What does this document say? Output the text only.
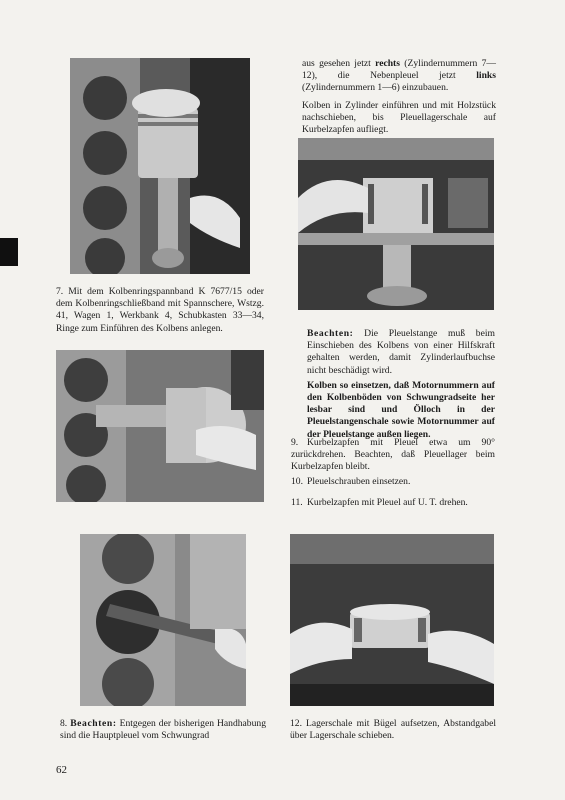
aus gesehen jetzt rechts (Zylindernummern 7—12), die Nebenpleuel jetzt links (Zylindernummern 1—6) einzubauen.

Kolben in Zylinder einführen und mit Holzstück nachschieben, bis Pleuellagerschale auf Kurbelzapfen aufliegt.

7. Mit dem Kolbenringspannband K 7677/15 oder dem Kolbenringschließband mit Spannschere, Wstzg. 41, Wagen 1, Werkbank 4, Schubkasten 33—34, Ringe zum Einführen des Kolbens anlegen.	Beachten: Die Pleuelstange muß beim Einschieben des Kolbens von einer Hilfskraft gehalten werden, damit Zylinderlaufbuchse nicht beschädigt wird.

Kolben so einsetzen, daß Motornummern auf den Kolbenböden von Schwungradseite her lesbar sind und Ölloch in der Pleuelstangenschale sowie Motornummer auf der Pleuelstange außen liegen.

9. Kurbelzapfen mit Pleuel etwa um 90° zurückdrehen. Beachten, daß Pleuellager beim Kurbelzapfen bleibt.

10. Pleuelschrauben einsetzen.

11. Kurbelzapfen mit Pleuel auf U. T. drehen.

8. Beachten: Entgegen der bisherigen Handhabung sind die Hauptpleuel vom Schwungrad

12. Lagerschale mit Bügel aufsetzen, Abstandgabel über Lagerschale schieben.

62
